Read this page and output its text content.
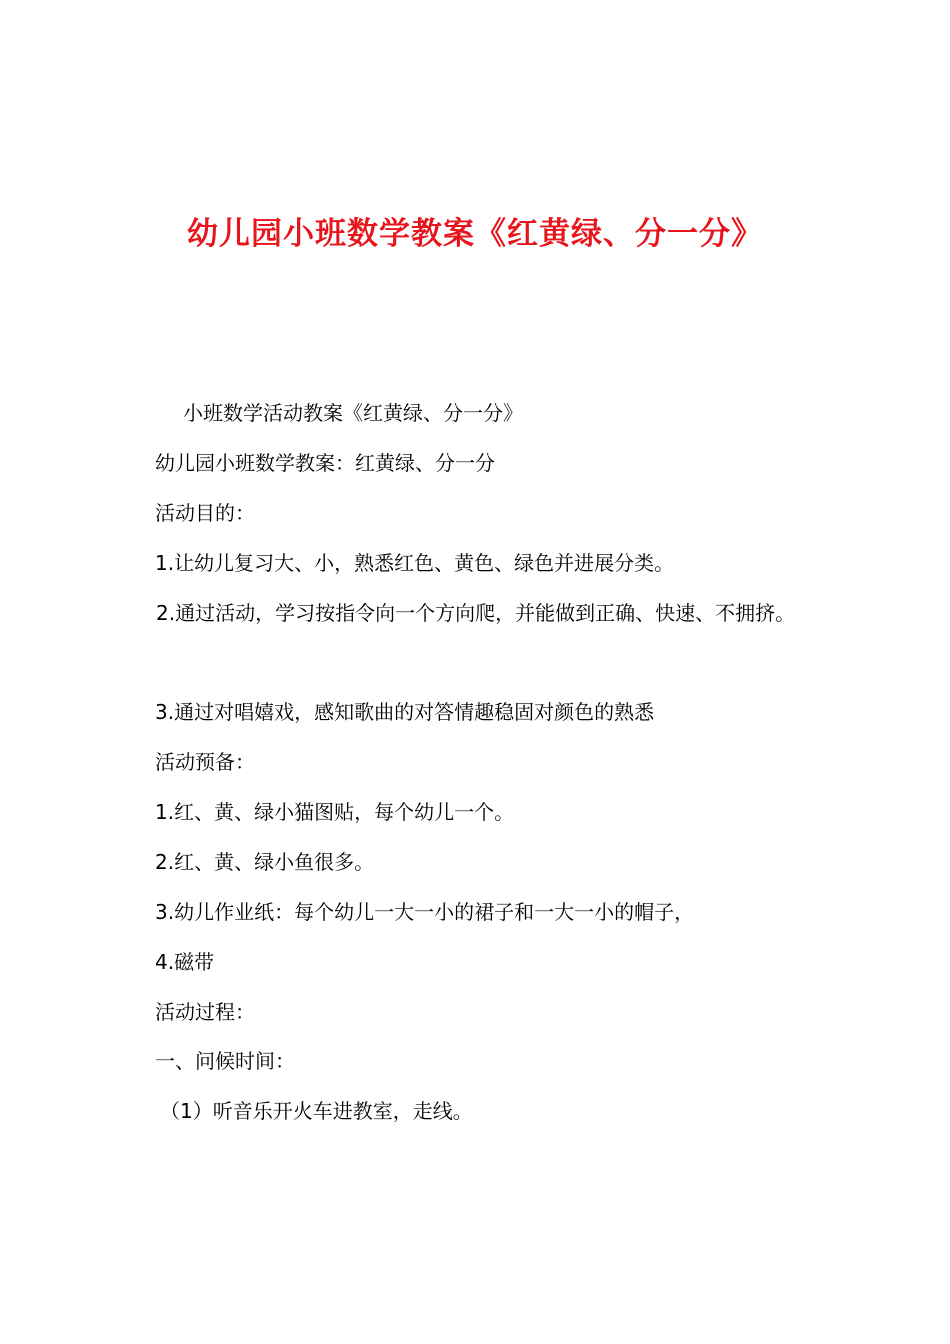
幼儿园小班数学教案《红黄绿、分一分》
小班数学活动教案《红黄绿、分一分》
幼儿园小班数学教案：红黄绿、分一分
活动目的：
1.让幼儿复习大、小，熟悉红色、黄色、绿色并进展分类。
2.通过活动，学习按指令向一个方向爬，并能做到正确、快速、不拥挤。
3.通过对唱嬉戏，感知歌曲的对答情趣稳固对颜色的熟悉
活动预备：
1.红、黄、绿小猫图贴，每个幼儿一个。
2.红、黄、绿小鱼很多。
3.幼儿作业纸：每个幼儿一大一小的裙子和一大一小的帽子，
4.磁带
活动过程：
一、问候时间：
（1）听音乐开火车进教室，走线。
